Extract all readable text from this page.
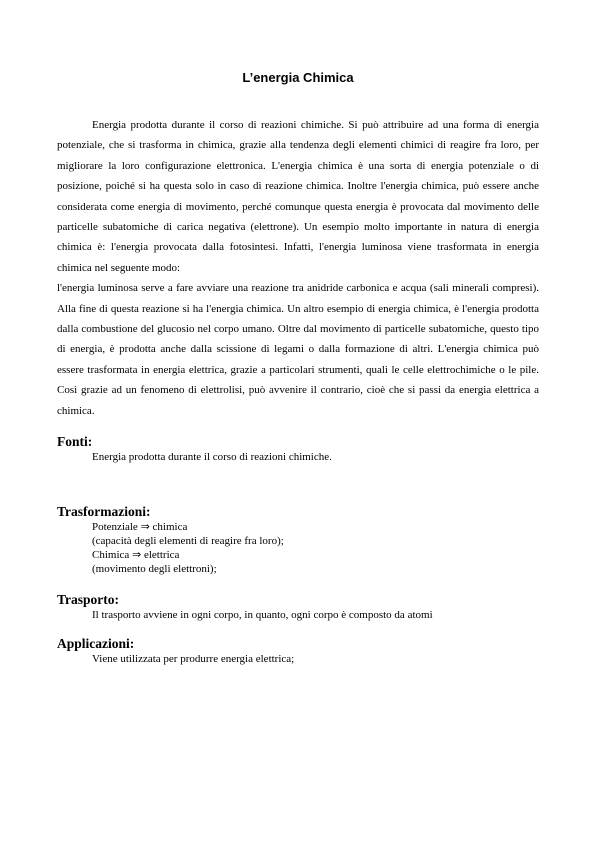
L’energia Chimica

Energia prodotta durante il corso di reazioni chimiche. Si può attribuire ad una forma di energia potenziale, che si trasforma in chimica, grazie alla tendenza degli elementi chimici di reagire fra loro, per migliorare la loro configurazione elettronica. L'energia chimica è una sorta di energia potenziale o di posizione, poiché si ha questa solo in caso di reazione chimica. Inoltre l'energia chimica, può essere anche considerata come energia di movimento, perché comunque questa energia è provocata dal movimento delle particelle subatomiche di carica negativa (elettrone). Un esempio molto importante in natura di energia chimica è: l'energia provocata dalla fotosintesi. Infatti, l'energia luminosa viene trasformata in energia chimica nel seguente modo:

l'energia luminosa serve a fare avviare una reazione tra anidride carbonica e acqua (sali minerali compresi). Alla fine di questa reazione si ha l'energia chimica. Un altro esempio di energia chimica, è l'energia prodotta dalla combustione del glucosio nel corpo umano. Oltre dal movimento di particelle subatomiche, questo tipo di energia, è prodotta anche dalla scissione di legami o dalla formazione di altri. L'energia chimica può essere trasformata in energia elettrica, grazie a particolari strumenti, quali le celle elettrochimiche o le pile. Così grazie ad un fenomeno di elettrolisi, può avvenire il contrario, cioè che si passi da energia elettrica a chimica.

Fonti:
Energia prodotta durante il corso di reazioni chimiche.
Trasformazioni:
Potenziale ⇒ chimica
(capacità degli elementi di reagire fra loro);
Chimica ⇒ elettrica
(movimento degli elettroni);
Trasporto:
Il trasporto avviene in ogni corpo, in quanto, ogni corpo è composto da atomi
Applicazioni:
Viene utilizzata per produrre energia elettrica;
